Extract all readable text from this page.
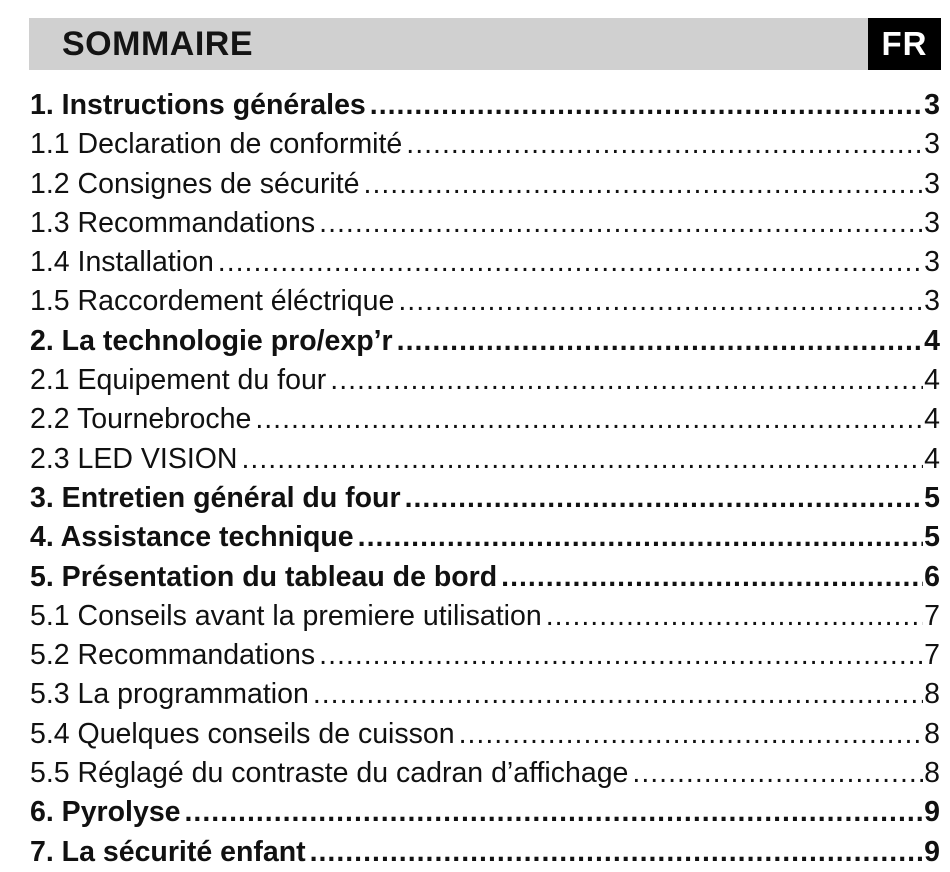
SOMMAIRE	FR
1. Instructions générales .....	3
1.1 Declaration de conformité .....	3
1.2 Consignes de sécurité .....	3
1.3 Recommandations .....	3
1.4 Installation .....	3
1.5 Raccordement éléctrique .....	3
2. La technologie pro/exp’r .....	4
2.1 Equipement du four .....	4
2.2 Tournebroche .....	4
2.3 LED VISION .....	4
3. Entretien général du four .....	5
4. Assistance technique .....	5
5. Présentation du tableau de bord .....	6
5.1 Conseils avant la premiere utilisation .....	7
5.2 Recommandations .....	7
5.3 La programmation .....	8
5.4 Quelques conseils de cuisson .....	8
5.5 Réglagé du contraste du cadran d’affichage .....	8
6. Pyrolyse .....	9
7. La sécurité enfant .....	9
